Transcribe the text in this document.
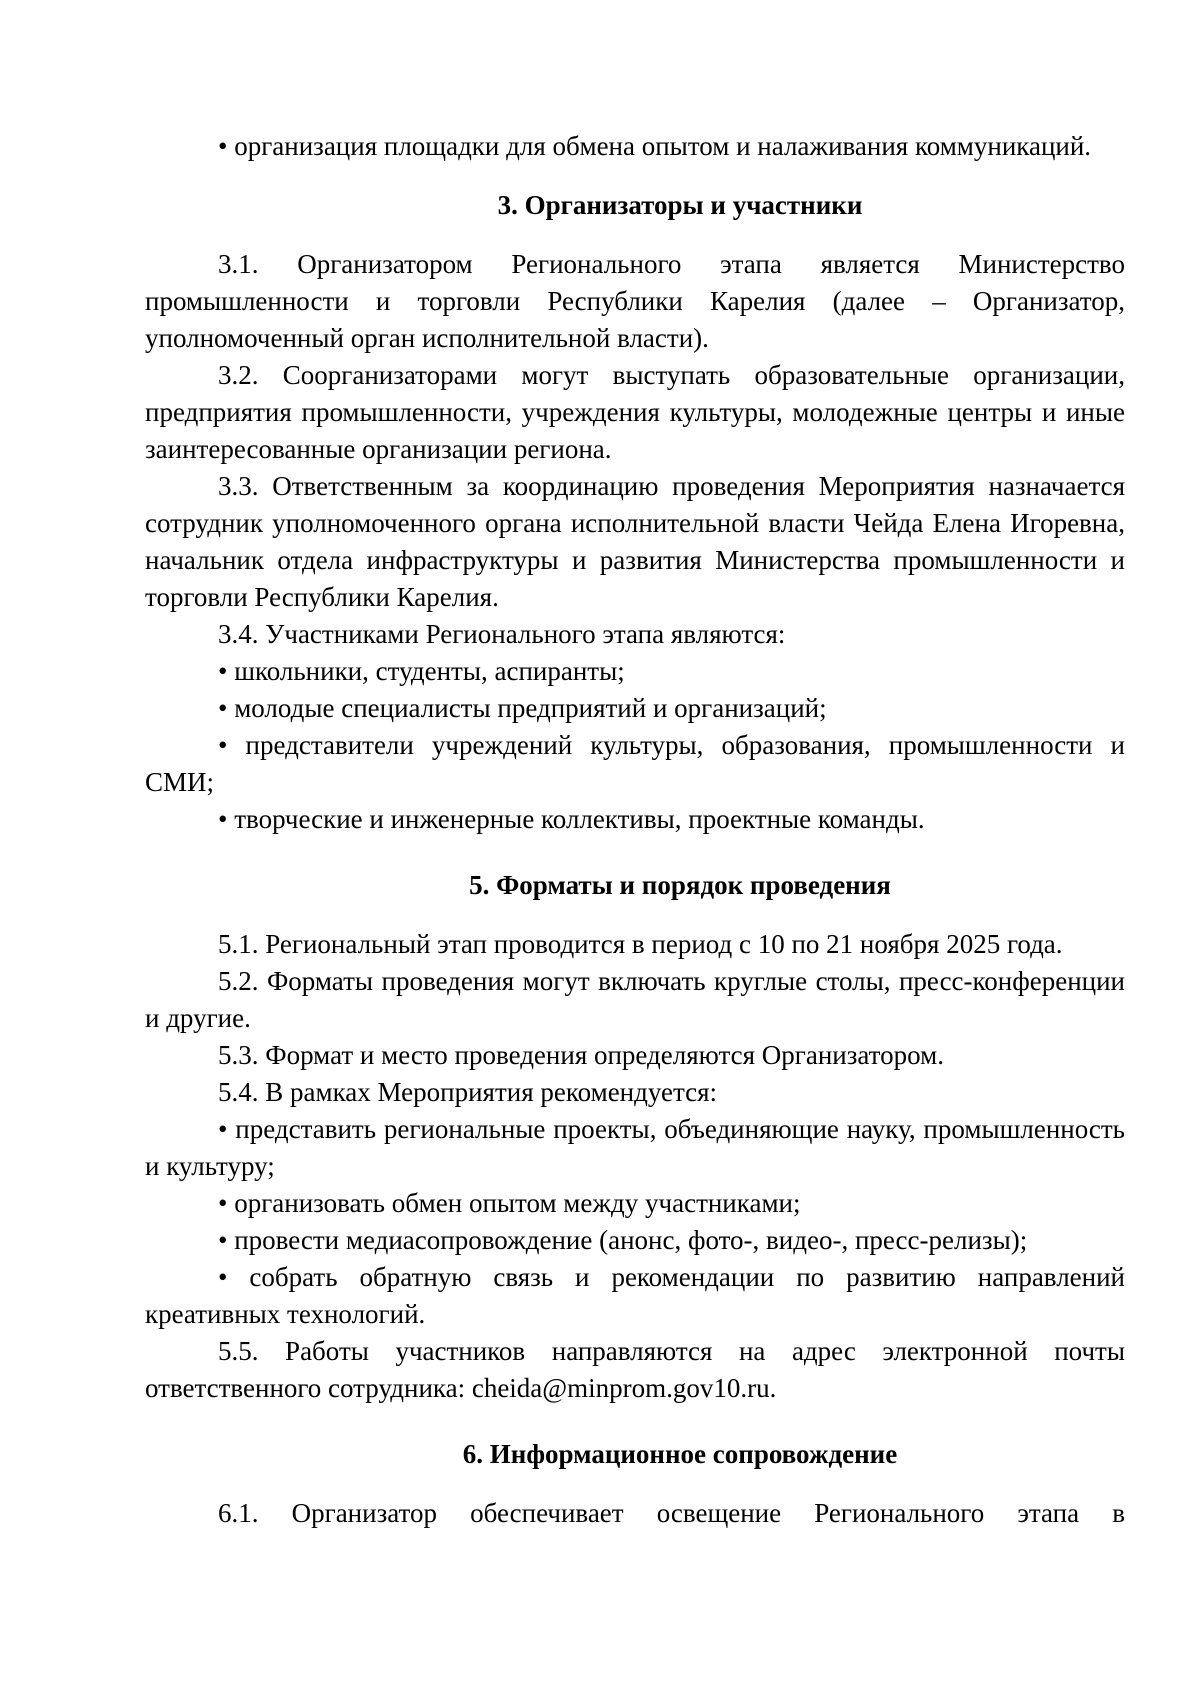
• организация площадки для обмена опытом и налаживания коммуникаций.

3. Организаторы и участники

3.1. Организатором Регионального этапа является Министерство промышленности и торговли Республики Карелия (далее – Организатор, уполномоченный орган исполнительной власти).

3.2. Соорганизаторами могут выступать образовательные организации, предприятия промышленности, учреждения культуры, молодежные центры и иные заинтересованные организации региона.

3.3. Ответственным за координацию проведения Мероприятия назначается сотрудник уполномоченного органа исполнительной власти Чейда Елена Игоревна, начальник отдела инфраструктуры и развития Министерства промышленности и торговли Республики Карелия.

3.4. Участниками Регионального этапа являются:

• школьники, студенты, аспиранты;

• молодые специалисты предприятий и организаций;

• представители учреждений культуры, образования, промышленности и СМИ;

• творческие и инженерные коллективы, проектные команды.

5. Форматы и порядок проведения

5.1. Региональный этап проводится в период с 10 по 21 ноября 2025 года.

5.2. Форматы проведения могут включать круглые столы, пресс-конференции и другие.

5.3. Формат и место проведения определяются Организатором.

5.4. В рамках Мероприятия рекомендуется:

• представить региональные проекты, объединяющие науку, промышленность и культуру;

• организовать обмен опытом между участниками;

• провести медиасопровождение (анонс, фото-, видео-, пресс-релизы);

• собрать обратную связь и рекомендации по развитию направлений креативных технологий.

5.5. Работы участников направляются на адрес электронной почты ответственного сотрудника: cheida@minprom.gov10.ru.

6. Информационное сопровождение

6.1. Организатор обеспечивает освещение Регионального этапа в
